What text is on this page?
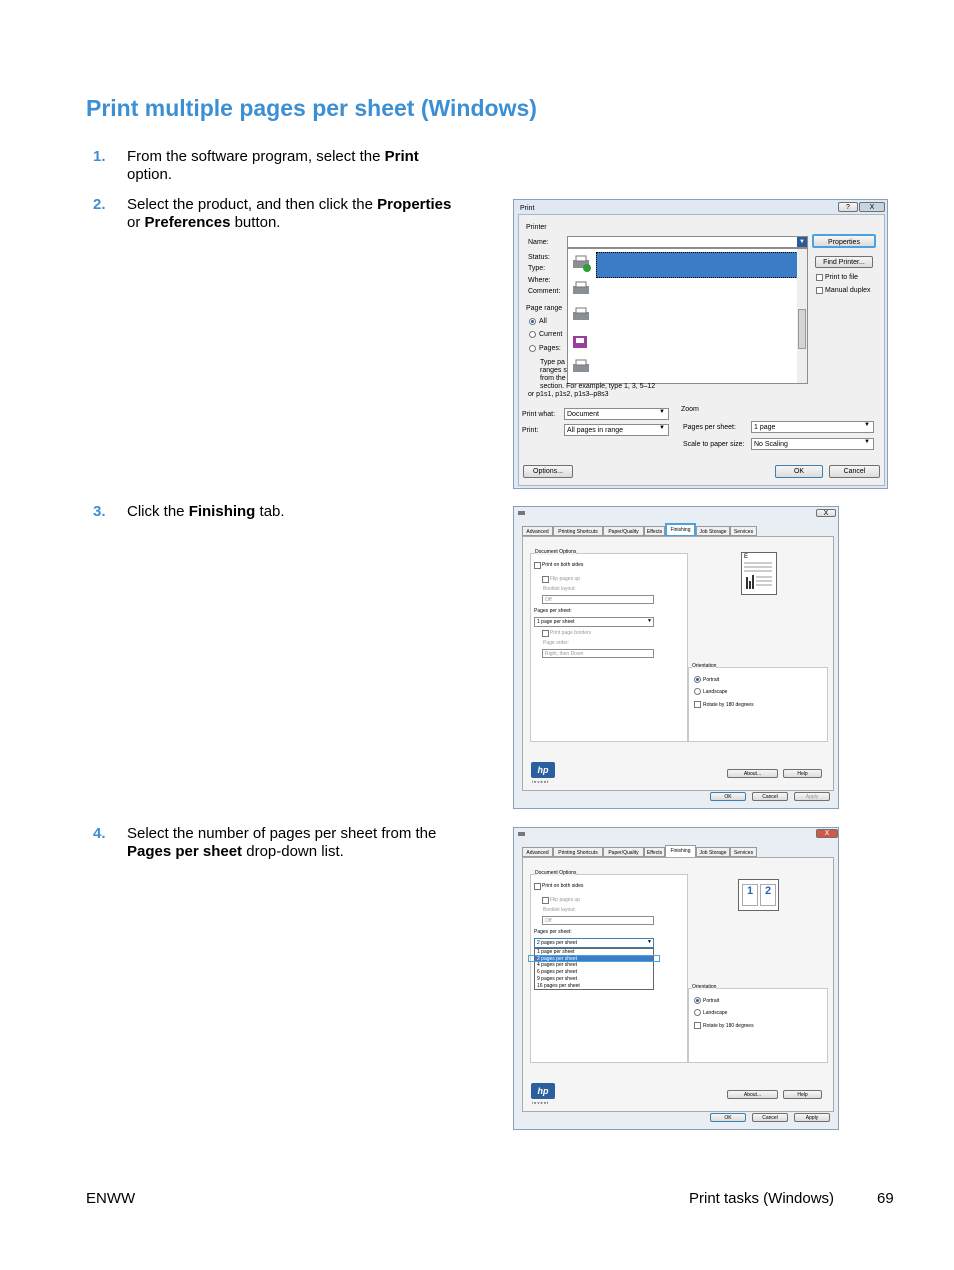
Print multiple pages per sheet (Windows)
1. From the software program, select the Print option.
2. Select the product, and then click the Properties or Preferences button.
3. Click the Finishing tab.
4. Select the number of pages per sheet from the Pages per sheet drop-down list.
Print	?	X
Printer
Name:
Status:
Type:
Where:
Comment:
▼	Properties
Find Printer...
Print to file
Manual duplex
Page range
All
Current
Pages:
Type pa
ranges s
from the
section. For example, type 1, 3, 5–12
or p1s1, p1s2, p1s3–p8s3
Print what:	Document	▼
Print:	All pages in range	▼
Zoom
Pages per sheet:	1 page	▼
Scale to paper size:	No Scaling	▼
Options...	OK	Cancel
X
Advanced	Printing Shortcuts	Paper/Quality	Effects	Finishing	Job Storage	Services
Document Options
Print on both sides
Flip pages up
Booklet layout:
Off
Pages per sheet:
1 page per sheet	▼
Print page borders
Page order:
Right, then Down
E
Orientation
Portrait
Landscape
Rotate by 180 degrees
hp
i n v e n t
About...	Help
OK	Cancel	Apply
X
Advanced	Printing Shortcuts	Paper/Quality	Effects	Finishing	Job Storage	Services
Document Options
Print on both sides
Flip pages up
Booklet layout:
Off
Pages per sheet:
2 pages per sheet	▼
1 page per sheet
2 pages per sheet
4 pages per sheet
6 pages per sheet
9 pages per sheet
16 pages per sheet
1	2
Orientation
Portrait
Landscape
Rotate by 180 degrees
hp
i n v e n t
About...	Help
OK	Cancel	Apply
ENWW	Print tasks (Windows)	69
